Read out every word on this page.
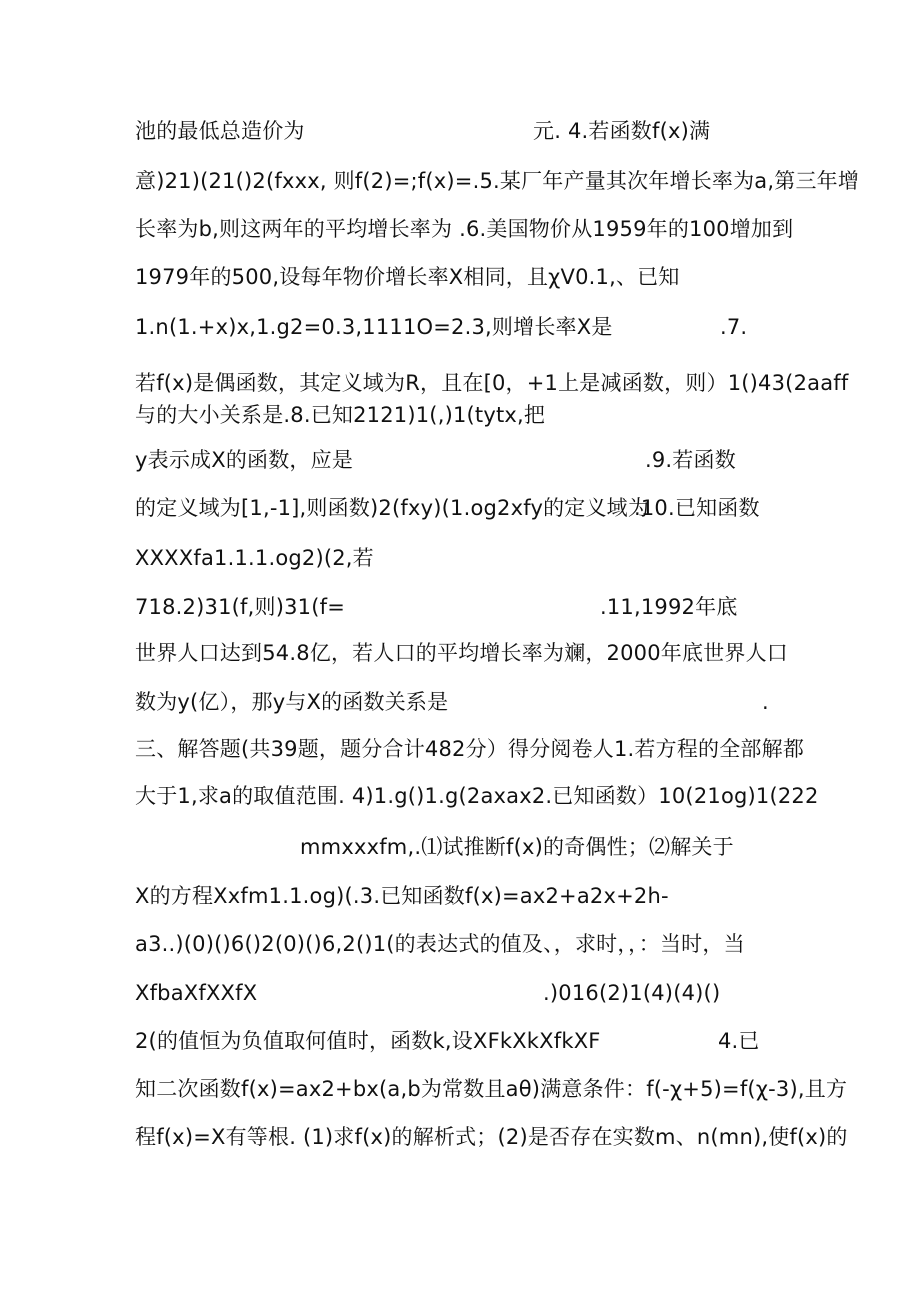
池的最低总造价为	元. 4.若函数f(x)满
意)21)(21()2(fxxx, 则f(2)=;f(x)=.5.某厂年产量其次年增长率为a,第三年增
长率为b,则这两年的平均增长率为 .6.美国物价从1959年的100增加到
1979年的500,设每年物价增长率X相同，且χV0.1,、已知
1.n(1.+x)x,1.g2=0.3,1111O=2.3,则增长率X是	.7.
若f(x)是偶函数，其定义域为R，且在[0，+1上是减函数，则）1()43(2aaff
与的大小关系是.8.已知2121)1(,)1(tytx,把
y表示成X的函数，应是	.9.若函数
的定义域为[1,-1],则函数)2(fxy)(1.og2xfy的定义域为
.10.已知函数
XXXXfa1.1.1.og2)(2,若
718.2)31(f,则)31(f=	.11,1992年底
世界人口达到54.8亿，若人口的平均增长率为斓，2000年底世界人口
数为y(亿），那y与X的函数关系是	.
三、解答题(共39题，题分合计482分）得分阅卷人1.若方程的全部解都
大于1,求a的取值范围. 4)1.g()1.g(2axax2.已知函数）10(21og)1(222
mmxxxfm,.⑴试推断f(x)的奇偶性；⑵解关于
X的方程Xxfm1.1.og)(.3.已知函数f(x)=ax2+a2x+2h-
a3..)(0)()6()2(0)()6,2()1(的表达式的值及、，求时，，：当时，当
XfbaXfXXfX	.)016(2)1(4)(4)()
2(的值恒为负值取何值时，函数k,设XFkXkXfkXF	4.已
知二次函数f(x)=ax2+bx(a,b为常数且aθ)满意条件：f(-χ+5)=f(χ-3),且方
程f(x)=X有等根. (1)求f(x)的解析式；(2)是否存在实数m、n(mn),使f(x)的
